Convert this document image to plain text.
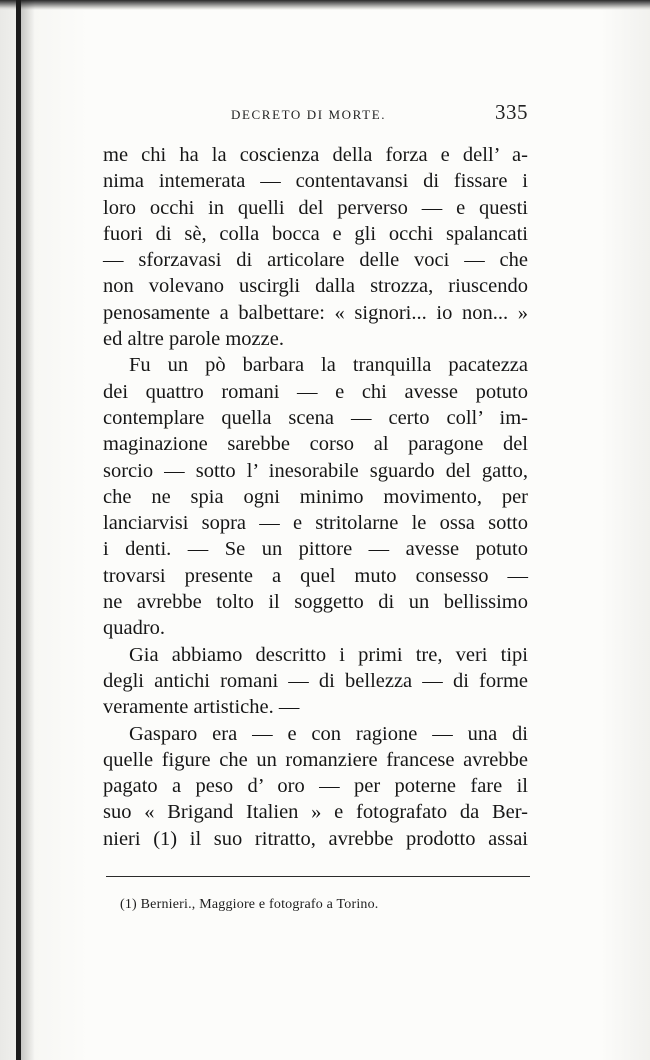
DECRETO DI MORTE.	335
me chi ha la coscienza della forza e dell’ a-
nima intemerata — contentavansi di fissare i
loro occhi in quelli del perverso — e questi
fuori di sè, colla bocca e gli occhi spalancati
— sforzavasi di articolare delle voci — che
non volevano uscirgli dalla strozza, riuscendo
penosamente a balbettare: « signori... io non... »
ed altre parole mozze.
Fu un pò barbara la tranquilla pacatezza
dei quattro romani — e chi avesse potuto
contemplare quella scena — certo coll’ im-
maginazione sarebbe corso al paragone del
sorcio — sotto l’ inesorabile sguardo del gatto,
che ne spia ogni minimo movimento, per
lanciarvisi sopra — e stritolarne le ossa sotto
i denti. — Se un pittore — avesse potuto
trovarsi presente a quel muto consesso —
ne avrebbe tolto il soggetto di un bellissimo
quadro.
Gia abbiamo descritto i primi tre, veri tipi
degli antichi romani — di bellezza — di forme
veramente artistiche. —
Gasparo era — e con ragione — una di
quelle figure che un romanziere francese avrebbe
pagato a peso d’ oro — per poterne fare il
suo « Brigand Italien » e fotografato da Ber-
nieri (1) il suo ritratto, avrebbe prodotto assai
(1) Bernieri., Maggiore e fotografo a Torino.
